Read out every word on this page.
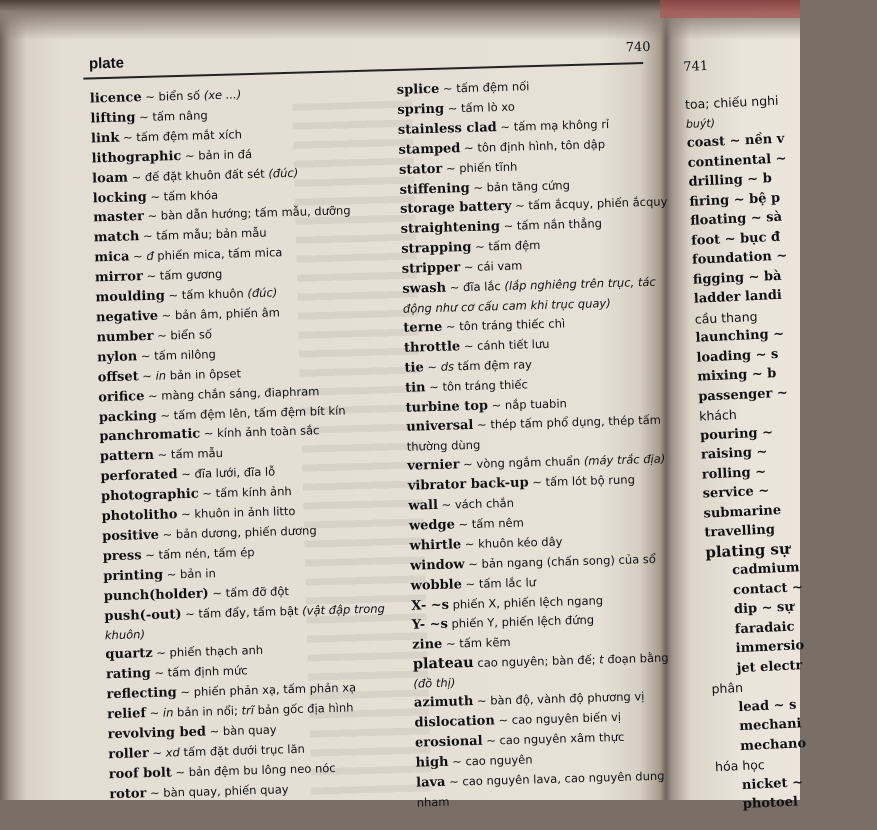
plate
740
licence ~ biển số (xe ...)
lifting ~ tấm nâng
link ~ tấm đệm mắt xích
lithographic ~ bản in đá
loam ~ đế đặt khuôn đất sét (đúc)
locking ~ tấm khóa
master ~ bàn dẫn hướng; tấm mẫu, dưỡng
match ~ tấm mẫu; bản mẫu
mica ~ đ phiến mica, tấm mica
mirror ~ tấm gương
moulding ~ tấm khuôn (đúc)
negative ~ bản âm, phiến âm
number ~ biển số
nylon ~ tấm nilông
offset ~ in bản in ôpset
orifice ~ màng chắn sáng, điaphram
packing ~ tấm đệm lên, tấm đệm bít kín
panchromatic ~ kính ảnh toàn sắc
pattern ~ tấm mẫu
perforated ~ đĩa lưới, đĩa lỗ
photographic ~ tấm kính ảnh
photolitho ~ khuôn in ảnh litto
positive ~ bản dương, phiến dương
press ~ tấm nén, tấm ép
printing ~ bản in
punch(holder) ~ tấm đỡ đột
push(-out) ~ tấm đẩy, tấm bật (vật đập trong khuôn)
quartz ~ phiến thạch anh
rating ~ tấm định mức
reflecting ~ phiến phản xạ, tấm phản xạ
relief ~ in bản in nổi; trĩ bản gốc địa hình
revolving bed ~ bàn quay
roller ~ xd tấm đặt dưới trục lăn
roof bolt ~ bản đệm bu lông neo nóc
rotor ~ bàn quay, phiến quay
splice ~ tấm đệm nối
spring ~ tấm lò xo
stainless clad ~ tấm mạ không rỉ
stamped ~ tôn định hình, tôn dập
stator ~ phiến tĩnh
stiffening ~ bản tăng cứng
storage battery ~ tấm ắcquy, phiến ắcquy
straightening ~ tấm nắn thẳng
strapping ~ tấm đệm
stripper ~ cái vam
swash ~ đĩa lắc (lắp nghiêng trên trục, tác động như cơ cấu cam khi trục quay)
terne ~ tôn tráng thiếc chì
throttle ~ cánh tiết lưu
tie ~ ds tấm đệm ray
tin ~ tôn tráng thiếc
turbine top ~ nắp tuabin
universal ~ thép tấm phổ dụng, thép tấm thường dùng
vernier ~ vòng ngắm chuẩn (máy trắc địa)
vibrator back-up ~ tấm lót bộ rung
wall ~ vách chắn
wedge ~ tấm nêm
whirtle ~ khuôn kéo dây
window ~ bản ngang (chấn song) của sổ
wobble ~ tấm lắc lư
X- ~s phiến X, phiến lệch ngang
Y- ~s phiến Y, phiến lệch đứng
zine ~ tấm kẽm
plateau cao nguyên; bàn đế; t đoạn bằng (đồ thị)
azimuth ~ bàn độ, vành độ phương vị
dislocation ~ cao nguyên biến vị
erosional ~ cao nguyên xâm thực
high ~ cao nguyên
lava ~ cao nguyên lava, cao nguyên dung nham
741
toa; chiếu nghi
buýt)
coast ~ nền v
continental ~
drilling ~ b
firing ~ bệ p
floating ~ sà
foot ~ bục đ
foundation ~
figging ~ bà
ladder landi
cầu thang
launching ~
loading ~ s
mixing ~ b
passenger ~
khách
pouring ~
raising ~
rolling ~
service ~
submarine
travelling
plating sự
cadmium
contact ~
dip ~ sự
faradaic
immersio
jet electr
phân
lead ~ s
mechani
mechano
hóa học
nicket ~
photoel
